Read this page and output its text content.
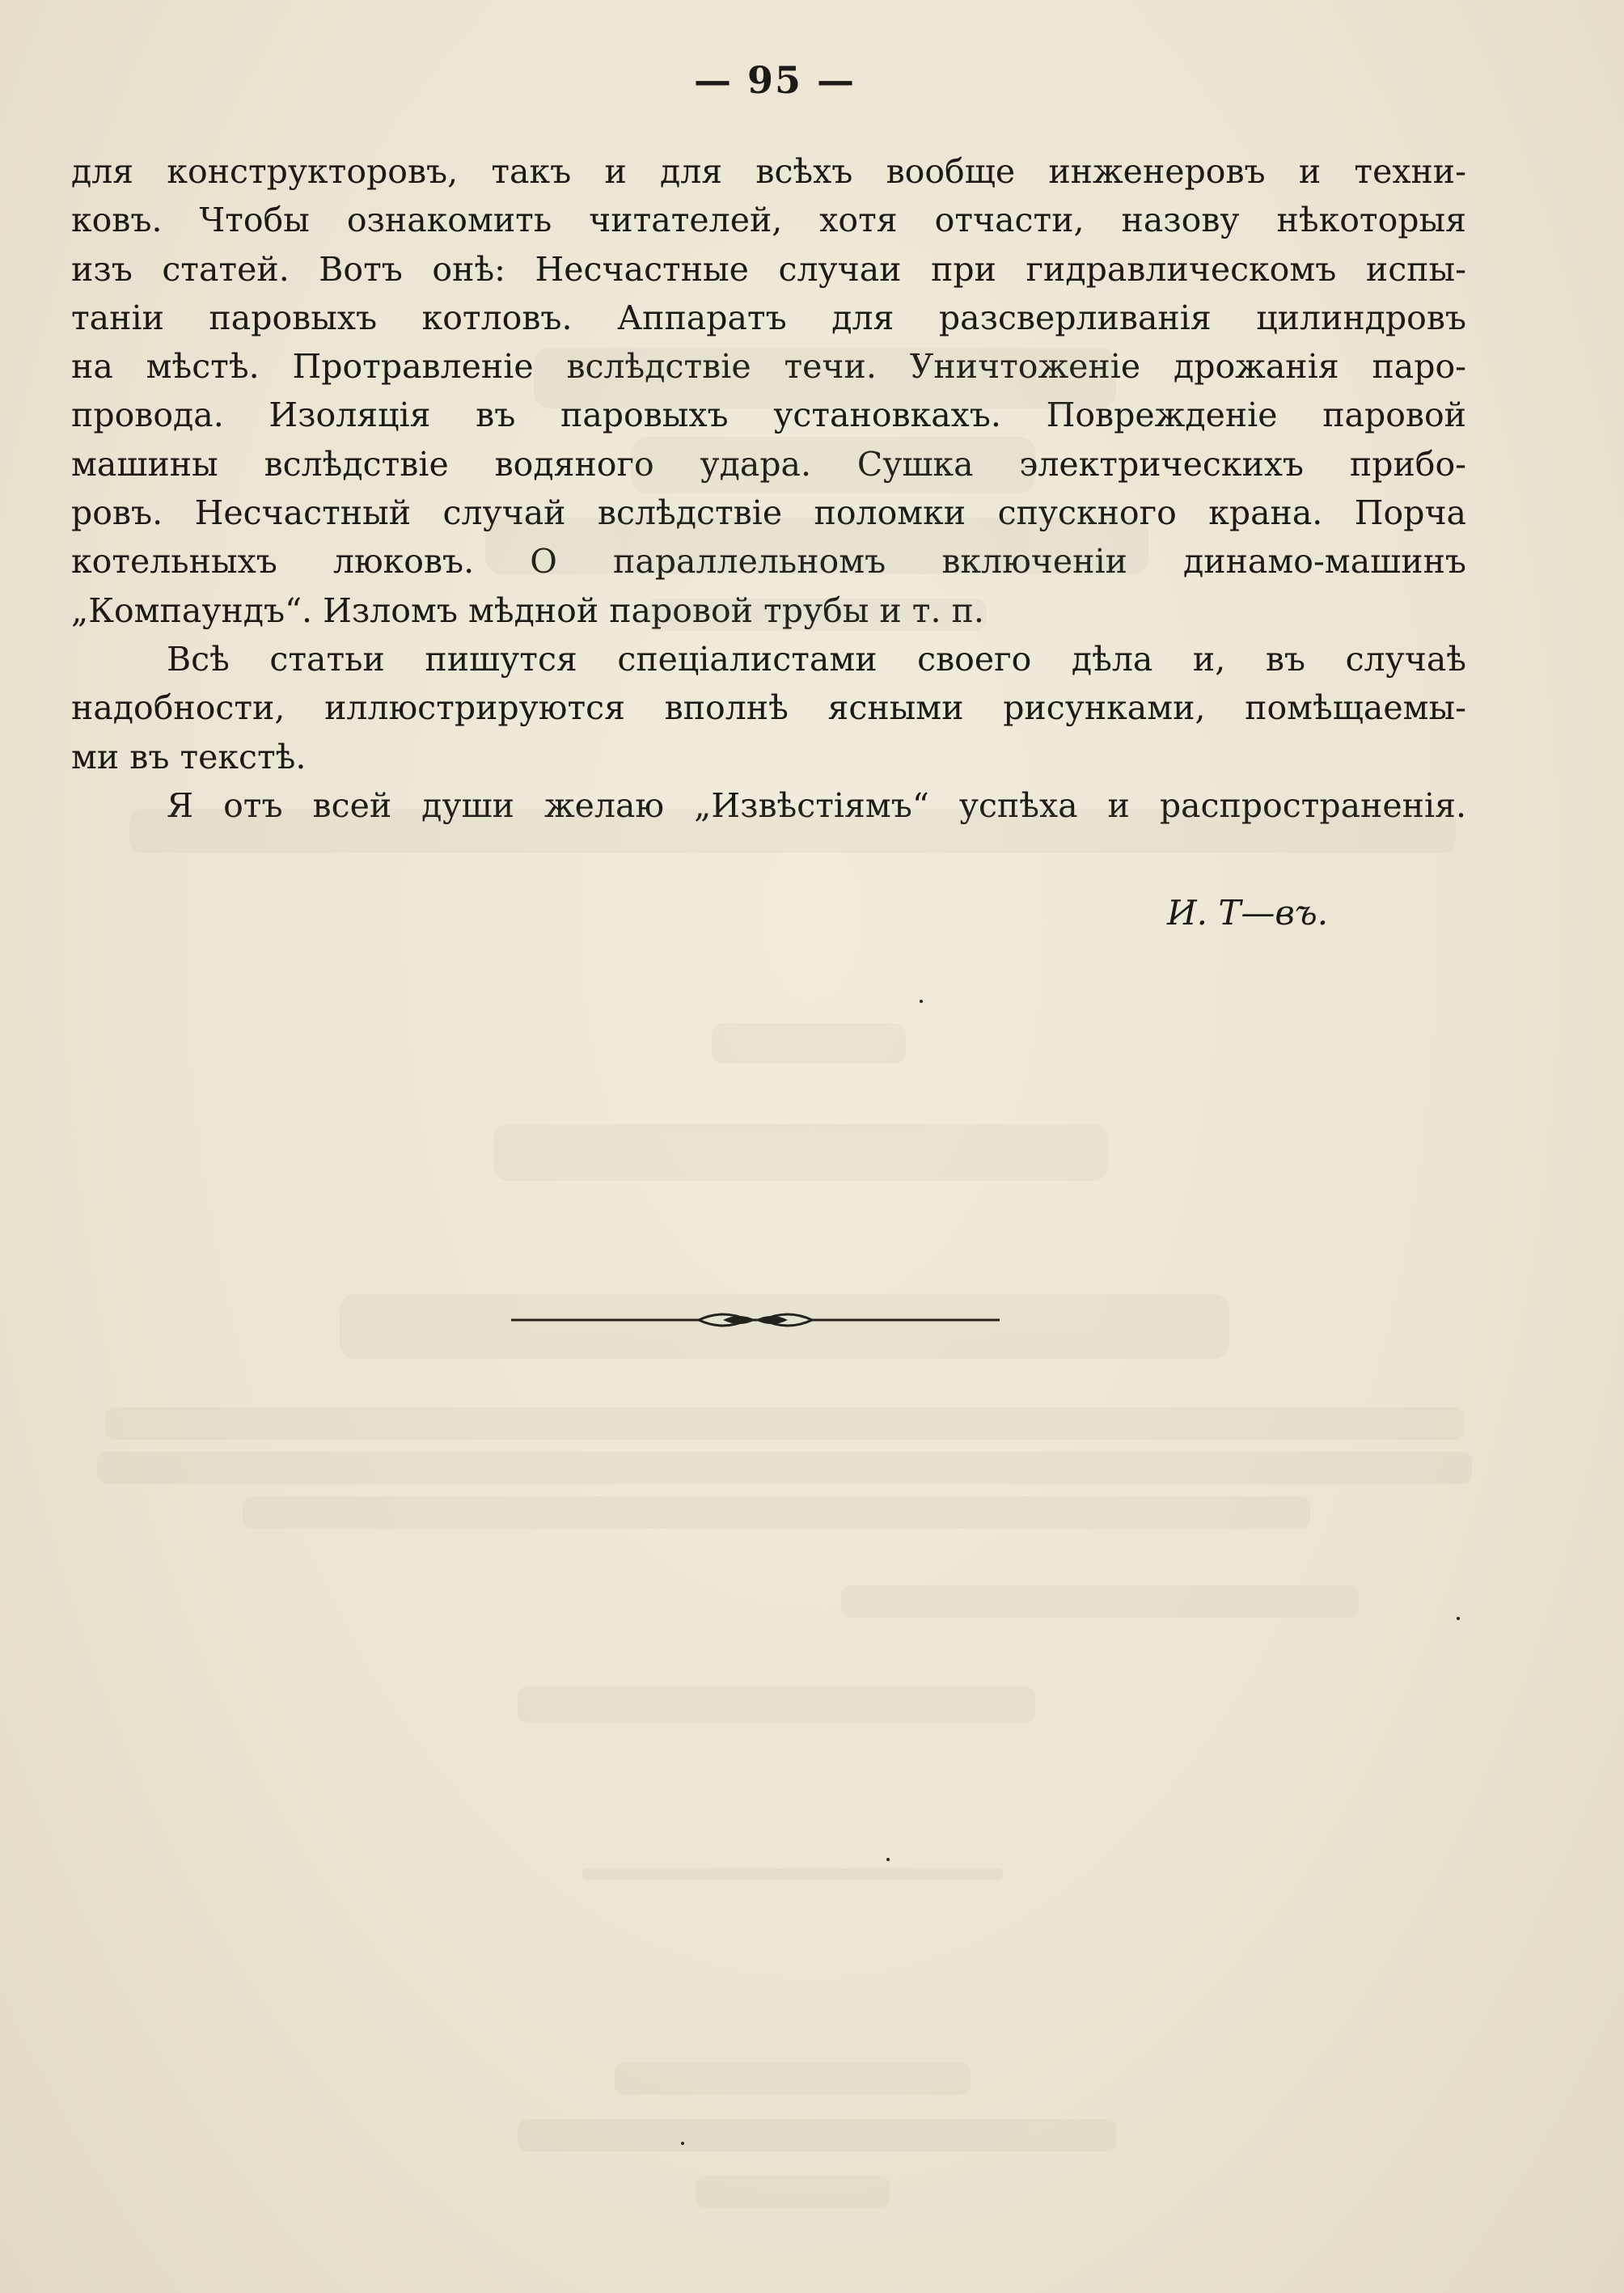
— 95 —
для конструкторовъ, такъ и для всѣхъ вообще инженеровъ и техни-
ковъ. Чтобы ознакомить читателей, хотя отчасти, назову нѣкоторыя
изъ статей. Вотъ онѣ: Несчастные случаи при гидравлическомъ испы-
таніи паровыхъ котловъ. Аппаратъ для разсверливанія цилиндровъ
на мѣстѣ. Протравленіе вслѣдствіе течи. Уничтоженіе дрожанія паро-
провода. Изоляція въ паровыхъ установкахъ. Поврежденіе паровой
машины вслѣдствіе водяного удара. Сушка электрическихъ прибо-
ровъ. Несчастный случай вслѣдствіе поломки спускного крана. Порча
котельныхъ люковъ. О параллельномъ включеніи динамо-машинъ
„Компаундъ“. Изломъ мѣдной паровой трубы и т. п.
Всѣ статьи пишутся спеціалистами своего дѣла и, въ случаѣ
надобности, иллюстрируются вполнѣ ясными рисунками, помѣщаемы-
ми въ текстѣ.
Я отъ всей души желаю „Извѣстіямъ“ успѣха и распространенія.
И. Т—въ.
